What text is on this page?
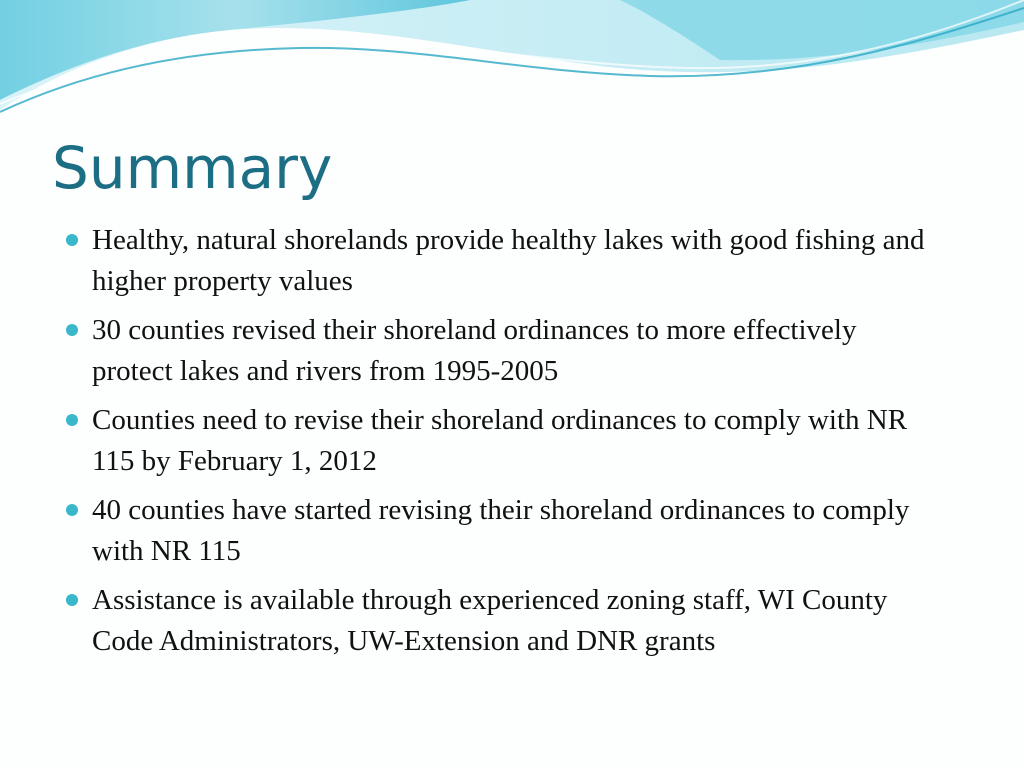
Summary
Healthy, natural shorelands provide healthy lakes with good fishing and higher property values
30 counties revised their shoreland ordinances to more effectively protect lakes and rivers from 1995-2005
Counties need to revise their shoreland ordinances to comply with NR 115 by February 1, 2012
40 counties have started revising their shoreland ordinances to comply with NR 115
Assistance is available through experienced zoning staff, WI County Code Administrators, UW-Extension and DNR grants
